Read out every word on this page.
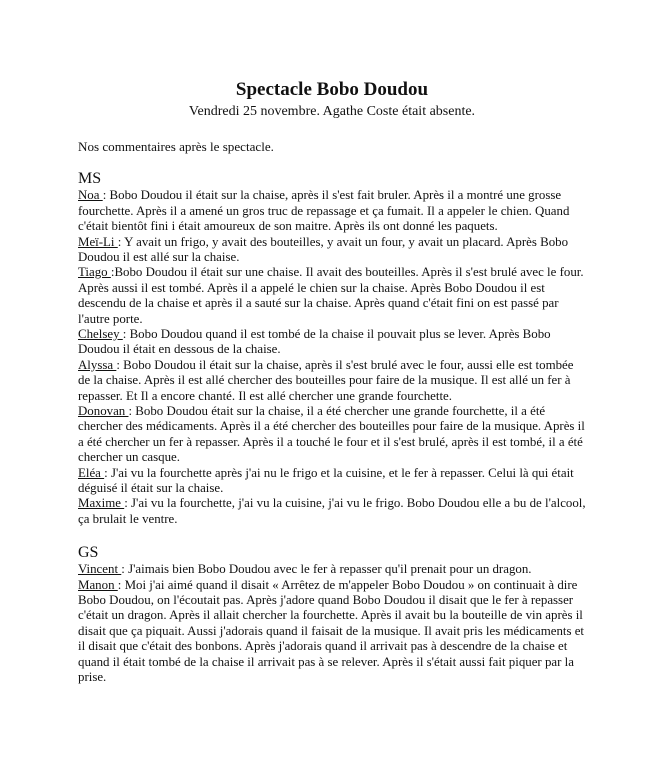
Spectacle Bobo Doudou

Vendredi 25 novembre. Agathe Coste était absente.

Nos commentaires après le spectacle.

MS

Noa : Bobo Doudou il était sur la chaise, après il s'est fait bruler. Après il a montré une grosse fourchette. Après il a amené un gros truc de repassage et ça fumait. Il a appeler le chien. Quand c'était bientôt fini i était amoureux de son maitre. Après ils ont donné les paquets.

Meï-Li : Y avait un frigo, y avait des bouteilles, y avait un four, y avait un placard. Après Bobo Doudou il est allé sur la chaise.

Tiago :Bobo Doudou il était sur une chaise. Il avait des bouteilles. Après il s'est brulé avec le four. Après aussi il est tombé. Après il a appelé le chien sur la chaise. Après Bobo Doudou il est descendu de la chaise et après il a sauté sur la chaise. Après quand c'était fini on est passé par l'autre porte.

Chelsey : Bobo Doudou quand il est tombé de la chaise il pouvait plus se lever. Après Bobo Doudou il était en dessous de la chaise.

Alyssa : Bobo Doudou il était sur la chaise, après il s'est brulé avec le four, aussi elle est tombée de la chaise. Après il est allé chercher des bouteilles pour faire de la musique. Il est allé un fer à repasser. Et Il a encore chanté. Il est allé chercher une grande fourchette.

Donovan : Bobo Doudou était sur la chaise, il a été chercher une grande fourchette, il a été chercher des médicaments. Après il a été chercher des bouteilles pour faire de la musique. Après il a été chercher un fer à repasser. Après il a touché le four et il s'est brulé, après il est tombé, il a été chercher un casque.

Eléa : J'ai vu la fourchette après j'ai nu le frigo et la cuisine, et le fer à repasser. Celui là qui était déguisé il était sur la chaise.

Maxime : J'ai vu la fourchette, j'ai vu la cuisine, j'ai vu le frigo. Bobo Doudou elle a bu de l'alcool, ça brulait le ventre.

GS

Vincent : J'aimais bien Bobo Doudou avec le fer à repasser qu'il prenait pour un dragon.

Manon : Moi j'ai aimé quand il disait « Arrêtez de m'appeler Bobo Doudou » on continuait à dire Bobo Doudou, on l'écoutait pas. Après j'adore quand Bobo Doudou il disait que le fer à repasser c'était un dragon. Après il allait chercher la fourchette. Après il avait bu la bouteille de vin après il disait que ça piquait. Aussi j'adorais quand il faisait de la musique. Il avait pris les médicaments et il disait que c'était des bonbons. Après j'adorais quand il arrivait pas à descendre de la chaise et quand il était tombé de la chaise il arrivait pas à se relever. Après il s'était aussi fait piquer par la prise.
